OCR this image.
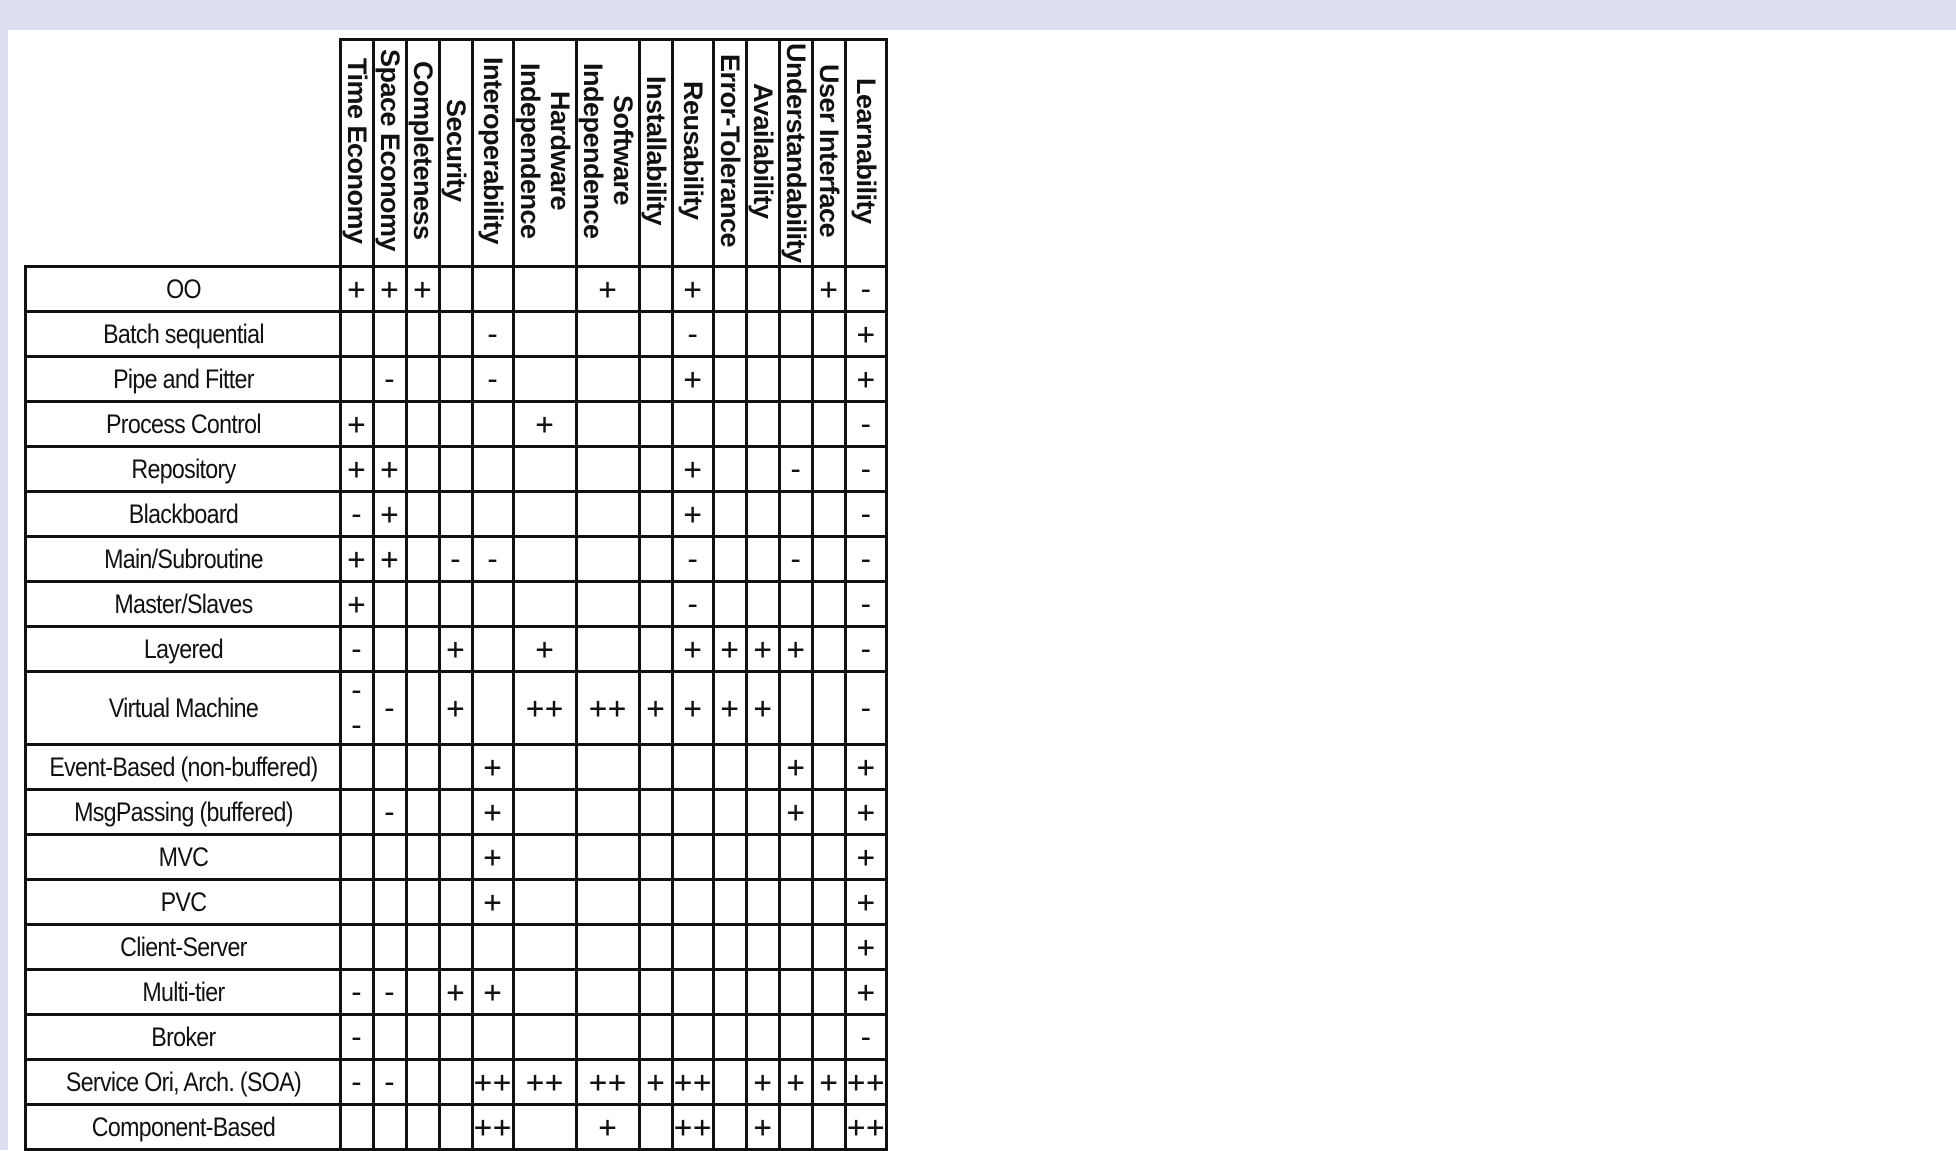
	Time Economy	Space Economy	Completeness	Security	Interoperability	Hardware Independence	Software Independence	Installability	Reusability	Error-Tolerance	Availability	Understandability	User Interface	Learnability
OO	+	+	+				+		+				+	-
Batch sequential					-				-					+
Pipe and Fitter		-			-				+					+
Process Control	+					+								-
Repository	+	+							+			-		-
Blackboard	-	+							+					-
Main/Subroutine	+	+		-	-				-			-		-
Master/Slaves	+								-					-
Layered	-			+		+			+	+	+	+		-
Virtual Machine	--	-		+		++	++	+	+	+	+			-
Event-Based (non-buffered)					+							+		+
MsgPassing (buffered)		-			+							+		+
MVC					+									+
PVC					+									+
Client-Server														+
Multi-tier	-	-		+	+									+
Broker	-													-
Service Ori, Arch. (SOA)	-	-			++	++	++	+	++		+	+	+	++
Component-Based					++		+		++		+			++
